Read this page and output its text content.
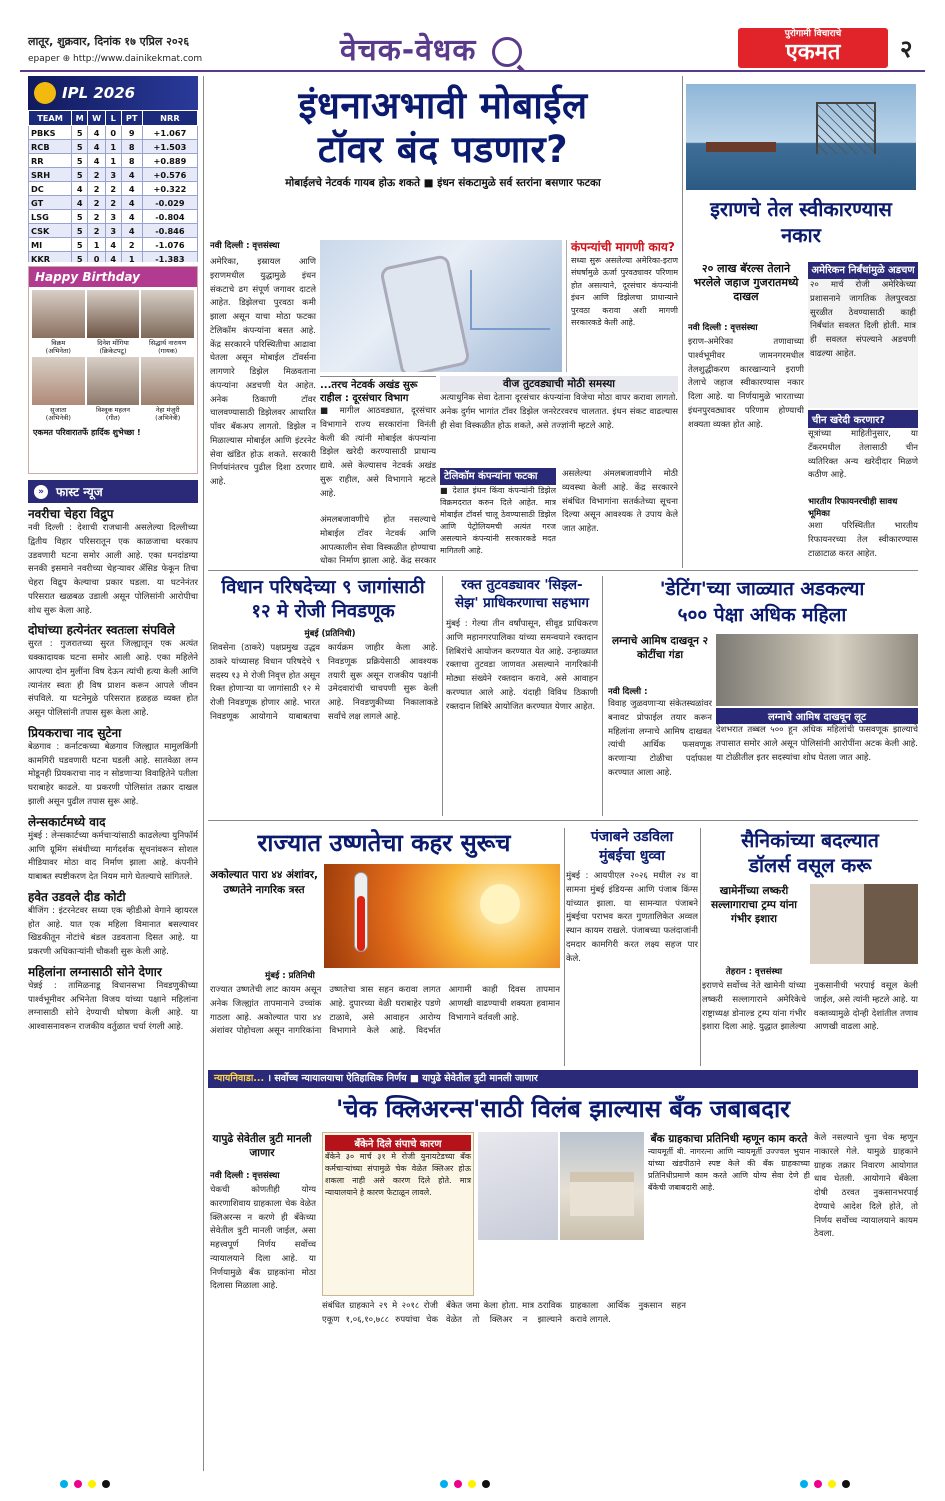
लातूर, शुक्रवार, दिनांक १७ एप्रिल २०२६
epaper ⊕ http://www.dainikekmat.com	वेचक-वेधक	पुरोगामी विचाराचे
एकमत	२
IPL 2026
TEAM	M	W	L	PT	NRR
PBKS	5	4	0	9	+1.067
RCB	5	4	1	8	+1.503
RR	5	4	1	8	+0.889
SRH	5	2	3	4	+0.576
DC	4	2	2	4	+0.322
GT	4	2	2	4	-0.029
LSG	5	2	3	4	-0.804
CSK	5	2	3	4	-0.846
MI	5	1	4	2	-1.076
KKR	5	0	4	1	-1.383
Happy Birthday
विक्रम
(अभिनेता)
दिनेश मोंगिया
(क्रिकेटपटू)
सिद्धार्थ नारायण
(गायक)
सुजाता
(अभिनेत्री)
विश्वूक महलन
(गीत)
नेहा मंजुरी
(अभिनेत्री)
एकमत परिवारातर्फे हार्दिक शुभेच्छा !
»	फास्ट न्यूज
नवरीचा चेहरा विद्रुप
नवी दिल्ली : देशाची राजधानी असलेल्या दिल्लीच्या द्वितीय विहार परिसरातून एक काळजाचा थरकाप उडवणारी घटना समोर आली आहे. एका धनदांडग्या सनकी इसमाने नवरीच्या चेहऱ्यावर ॲसिड फेकून तिचा चेहरा विद्रुप केल्याचा प्रकार घडला. या घटनेनंतर परिसरात खळबळ उडाली असून पोलिसांनी आरोपीचा शोध सुरू केला आहे.
दोघांच्या हत्येनंतर स्वतःला संपविले
सुरत : गुजरातच्या सुरत जिल्ह्यातून एक अत्यंत धक्कादायक घटना समोर आली आहे. एका महिलेने आपल्या दोन मुलींना विष देऊन त्यांची हत्या केली आणि त्यानंतर स्वतः ही विष प्राशन करून आपले जीवन संपविले. या घटनेमुळे परिसरात हळहळ व्यक्त होत असून पोलिसांनी तपास सुरू केला आहे.
प्रियकराचा नाद सुटेना
बेळगाव : कर्नाटकच्या बेळगाव जिल्ह्यात मामुलकिंगी कामगिरी घडवणारी घटना घडली आहे. सातवेळा लग्न मोडूनही प्रियकराचा नाद न सोडणाऱ्या विवाहितेने पतीला घराबाहेर काढले. या प्रकरणी पोलिसांत तक्रार दाखल झाली असून पुढील तपास सुरू आहे.
लेन्सकार्टमध्ये वाद
मुंबई : लेन्सकार्टच्या कर्मचाऱ्यांसाठी काढलेल्या युनिफॉर्म आणि ग्रूमिंग संबंधीच्या मार्गदर्शक सूचनांवरून सोशल मीडियावर मोठा वाद निर्माण झाला आहे. कंपनीने याबाबत स्पष्टीकरण देत नियम मागे घेतल्याचे सांगितले.
हवेत उडवले दीड कोटी
बीजिंग : इंटरनेटवर सध्या एक व्हीडीओ वेगाने व्हायरल होत आहे. यात एक महिला विमानात बसल्यावर खिडकीतून नोटांचे बंडल उडवताना दिसत आहे. या प्रकरणी अधिकाऱ्यांनी चौकशी सुरू केली आहे.
महिलांना लग्नासाठी सोने देणार
चेन्नई : तामिळनाडू विधानसभा निवडणुकीच्या पार्श्वभूमीवर अभिनेता विजय यांच्या पक्षाने महिलांना लग्नासाठी सोने देण्याची घोषणा केली आहे. या आश्वासनावरून राजकीय वर्तुळात चर्चा रंगली आहे.
इंधनाअभावी मोबाईल
टॉवर बंद पडणार?
मोबाईलचे नेटवर्क गायब होऊ शकते ■ इंधन संकटामुळे सर्व स्तरांना बसणार फटका
नवी दिल्ली : वृत्तसंस्था
अमेरिका, इस्रायल आणि इराणमधील युद्धामुळे इंधन संकटाचे ढग संपूर्ण जगावर दाटले आहेत. डिझेलचा पुरवठा कमी झाला असून याचा मोठा फटका टेलिकॉम कंपन्यांना बसत आहे. केंद्र सरकारने परिस्थितीचा आढावा घेतला असून मोबाईल टॉवर्सना लागणारे डिझेल मिळवताना कंपन्यांना अडचणी येत आहेत. अनेक ठिकाणी टॉवर चालवण्यासाठी डिझेलवर आधारित पॉवर बॅकअप लागतो. डिझेल न मिळाल्यास मोबाईल आणि इंटरनेट सेवा खंडित होऊ शकते. सरकारी निर्णयांनंतरच पुढील दिशा ठरणार आहे.
कंपन्यांची मागणी काय?
सध्या सुरू असलेल्या अमेरिका-इराण संघर्षामुळे ऊर्जा पुरवठ्यावर परिणाम होत असल्याने, दूरसंचार कंपन्यांनी इंधन आणि डिझेलचा प्राधान्याने पुरवठा करावा अशी मागणी सरकारकडे केली आहे.
...तरच नेटवर्क अखंड सुरू राहील : दूरसंचार विभाग
■ मागील आठवड्यात, दूरसंचार विभागाने राज्य सरकारांना विनंती केली की त्यांनी मोबाईल कंपन्यांना डिझेल खरेदी करण्यासाठी प्राधान्य द्यावे. असे केल्यासच नेटवर्क अखंड सुरू राहील, असे विभागाने म्हटले आहे.
वीज तुटवड्याची मोठी समस्या
अत्याधुनिक सेवा देताना दूरसंचार कंपन्यांना विजेचा मोठा वापर करावा लागतो. अनेक दुर्गम भागांत टॉवर डिझेल जनरेटरवरच चालतात. इंधन संकट वाढल्यास ही सेवा विस्कळीत होऊ शकते, असे तज्ज्ञांनी म्हटले आहे.
अंमलबजावणीचे होत नसल्याचे मोबाईल टॉवर नेटवर्क आणि आपत्कालीन सेवा विस्कळीत होण्याचा धोका निर्माण झाला आहे. केंद्र सरकार
टेलिकॉम कंपन्यांना फटका
■ देशात इंधन किंवा कंपन्यांनी डिझेल विक्रमदरात करुन दिले आहेत. मात्र मोबाईल टॉवर्स चालू ठेवण्यासाठी डिझेल आणि पेट्रोलियमची अत्यंत गरज असल्याने कंपन्यांनी सरकारकडे मदत मागितली आहे.
असलेल्या अंमलबजावणीने मोठी व्यवस्था केली आहे. केंद्र सरकारने संबंधित विभागांना सतर्कतेच्या सूचना दिल्या असून आवश्यक ते उपाय केले जात आहेत.
इराणचे तेल स्वीकारण्यास नकार
२० लाख बॅरल्स तेलाने भरलेले जहाज गुजरातमध्ये दाखल
नवी दिल्ली : वृत्तसंस्था
इराण-अमेरिका तणावाच्या पार्श्वभूमीवर जामनगरमधील तेलशुद्धीकरण कारखान्याने इराणी तेलाचे जहाज स्वीकारण्यास नकार दिला आहे. या निर्णयामुळे भारताच्या इंधनपुरवठ्यावर परिणाम होण्याची शक्यता व्यक्त होत आहे.
अमेरिकन निर्बंधांमुळे अडचण
२० मार्च रोजी अमेरिकेच्या प्रशासनाने जागतिक तेलपुरवठा सुरळीत ठेवण्यासाठी काही निर्बंधांत सवलत दिली होती. मात्र ही सवलत संपल्याने अडचणी वाढल्या आहेत.
चीन खरेदी करणार?
सूत्रांच्या माहितीनुसार, या टँकरमधील तेलासाठी चीन व्यतिरिक्त अन्य खरेदीदार मिळणे कठीण आहे.
भारतीय रिफायनरचीही सावध भूमिका
अशा परिस्थितीत भारतीय रिफायनरच्या तेल स्वीकारण्यास टाळाटाळ करत आहेत.
विधान परिषदेच्या ९ जागांसाठी
१२ मे रोजी निवडणूक
मुंबई (प्रतिनिधी)
शिवसेना (ठाकरे) पक्षप्रमुख उद्धव ठाकरे यांच्यासह विधान परिषदेचे ९ सदस्य १३ मे रोजी निवृत्त होत असून रिक्त होणाऱ्या या जागांसाठी १२ मे रोजी निवडणूक होणार आहे. भारत निवडणूक आयोगाने याबाबतचा कार्यक्रम जाहीर केला आहे. निवडणूक प्रक्रियेसाठी आवश्यक तयारी सुरू असून राजकीय पक्षांनी उमेदवारांची चाचपणी सुरू केली आहे. निवडणुकीच्या निकालाकडे सर्वांचे लक्ष लागले आहे.
रक्त तुटवड्यावर 'सिझ्ल-
सेझ' प्राधिकरणाचा सहभाग
मुंबई : गेल्या तीन वर्षांपासून, सीवूड प्राधिकरण आणि महानगरपालिका यांच्या समन्वयाने रक्तदान शिबिरांचे आयोजन करण्यात येत आहे. उन्हाळ्यात रक्ताचा तुटवडा जाणवत असल्याने नागरिकांनी मोठ्या संख्येने रक्तदान करावे, असे आवाहन करण्यात आले आहे. यंदाही विविध ठिकाणी रक्तदान शिबिरे आयोजित करण्यात येणार आहेत.
'डेटिंग'च्या जाळ्यात अडकल्या
५०० पेक्षा अधिक महिला
लग्नाचे आमिष दाखवून २ कोटींचा गंडा
नवी दिल्ली :
विवाह जुळवणाऱ्या संकेतस्थळांवर बनावट प्रोफाईल तयार करून महिलांना लग्नाचे आमिष दाखवत त्यांची आर्थिक फसवणूक करणाऱ्या टोळीचा पर्दाफाश करण्यात आला आहे.
लग्नाचे आमिष दाखवून लूट
देशभरात तब्बल ५०० हून अधिक महिलांची फसवणूक झाल्याचे तपासात समोर आले असून पोलिसांनी आरोपींना अटक केली आहे. या टोळीतील इतर सदस्यांचा शोध घेतला जात आहे.
राज्यात उष्णतेचा कहर सुरूच
अकोल्यात पारा ४४ अंशांवर, उष्णतेने नागरिक त्रस्त
मुंबई : प्रतिनिधी
राज्यात उष्णतेची लाट कायम असून अनेक जिल्ह्यांत तापमानाने उच्चांक गाठला आहे. अकोल्यात पारा ४४ अंशांवर पोहोचला असून नागरिकांना उष्णतेचा त्रास सहन करावा लागत आहे. दुपारच्या वेळी घराबाहेर पडणे टाळावे, असे आवाहन आरोग्य विभागाने केले आहे. विदर्भात आगामी काही दिवस तापमान आणखी वाढण्याची शक्यता हवामान विभागाने वर्तवली आहे.
पंजाबने उडविला
मुंबईचा धुव्वा
मुंबई : आयपीएल २०२६ मधील २४ वा सामना मुंबई इंडियन्स आणि पंजाब किंग्स यांच्यात झाला. या सामन्यात पंजाबने मुंबईचा पराभव करत गुणतालिकेत अव्वल स्थान कायम राखले. पंजाबच्या फलंदाजांनी दमदार कामगिरी करत लक्ष्य सहज पार केले.
सैनिकांच्या बदल्यात
डॉलर्स वसूल करू
खामेनींच्या लष्करी सल्लागाराचा ट्रम्प यांना गंभीर इशारा
तेहरान : वृत्तसंस्था
इराणचे सर्वोच्च नेते खामेनी यांच्या लष्करी सल्लागाराने अमेरिकेचे राष्ट्राध्यक्ष डोनाल्ड ट्रम्प यांना गंभीर इशारा दिला आहे. युद्धात झालेल्या नुकसानीची भरपाई वसूल केली जाईल, असे त्यांनी म्हटले आहे. या वक्तव्यामुळे दोन्ही देशांतील तणाव आणखी वाढला आहे.
न्यायनिवाडा... । सर्वोच्च न्यायालयाचा ऐतिहासिक निर्णय ■ यापुढे सेवेतील त्रुटी मानली जाणार
'चेक क्लिअरन्स'साठी विलंब झाल्यास बँक जबाबदार
यापुढे सेवेतील त्रुटी मानली जाणार
नवी दिल्ली : वृत्तसंस्था
चेकची कोणतीही योग्य कारणाशिवाय ग्राहकाला चेक वेळेत क्लिअरन्स न करणे ही बँकेच्या सेवेतील त्रुटी मानली जाईल, असा महत्त्वपूर्ण निर्णय सर्वोच्च न्यायालयाने दिला आहे. या निर्णयामुळे बँक ग्राहकांना मोठा दिलासा मिळाला आहे.
बँकेने दिले संपाचे कारण
बँकेने ३० मार्च ३१ मे रोजी युनायटेडच्या बँक कर्मचाऱ्यांच्या संपामुळे चेक वेळेत क्लिअर होऊ शकला नाही असे कारण दिले होते. मात्र न्यायालयाने हे कारण फेटाळून लावले.
बँक ग्राहकाचा प्रतिनिधी म्हणून काम करते
न्यायमूर्ती बी. नागरत्ना आणि न्यायमूर्ती उज्ज्वल भुयान यांच्या खंडपीठाने स्पष्ट केले की बँक ग्राहकाच्या प्रतिनिधीप्रमाणे काम करते आणि योग्य सेवा देणे ही बँकेची जबाबदारी आहे.
संबंधित ग्राहकाने २९ मे २०१८ रोजी एकूण १,०६,१०,७८८ रुपयांचा चेक बँकेत जमा केला होता. मात्र ठराविक वेळेत तो क्लिअर न झाल्याने ग्राहकाला आर्थिक नुकसान सहन करावे लागले.
केले नसल्याने चुना चेक म्हणून नाकारले गेले. यामुळे ग्राहकाने ग्राहक तक्रार निवारण आयोगात धाव घेतली. आयोगाने बँकेला दोषी ठरवत नुकसानभरपाई देण्याचे आदेश दिले होते, तो निर्णय सर्वोच्च न्यायालयाने कायम ठेवला.
